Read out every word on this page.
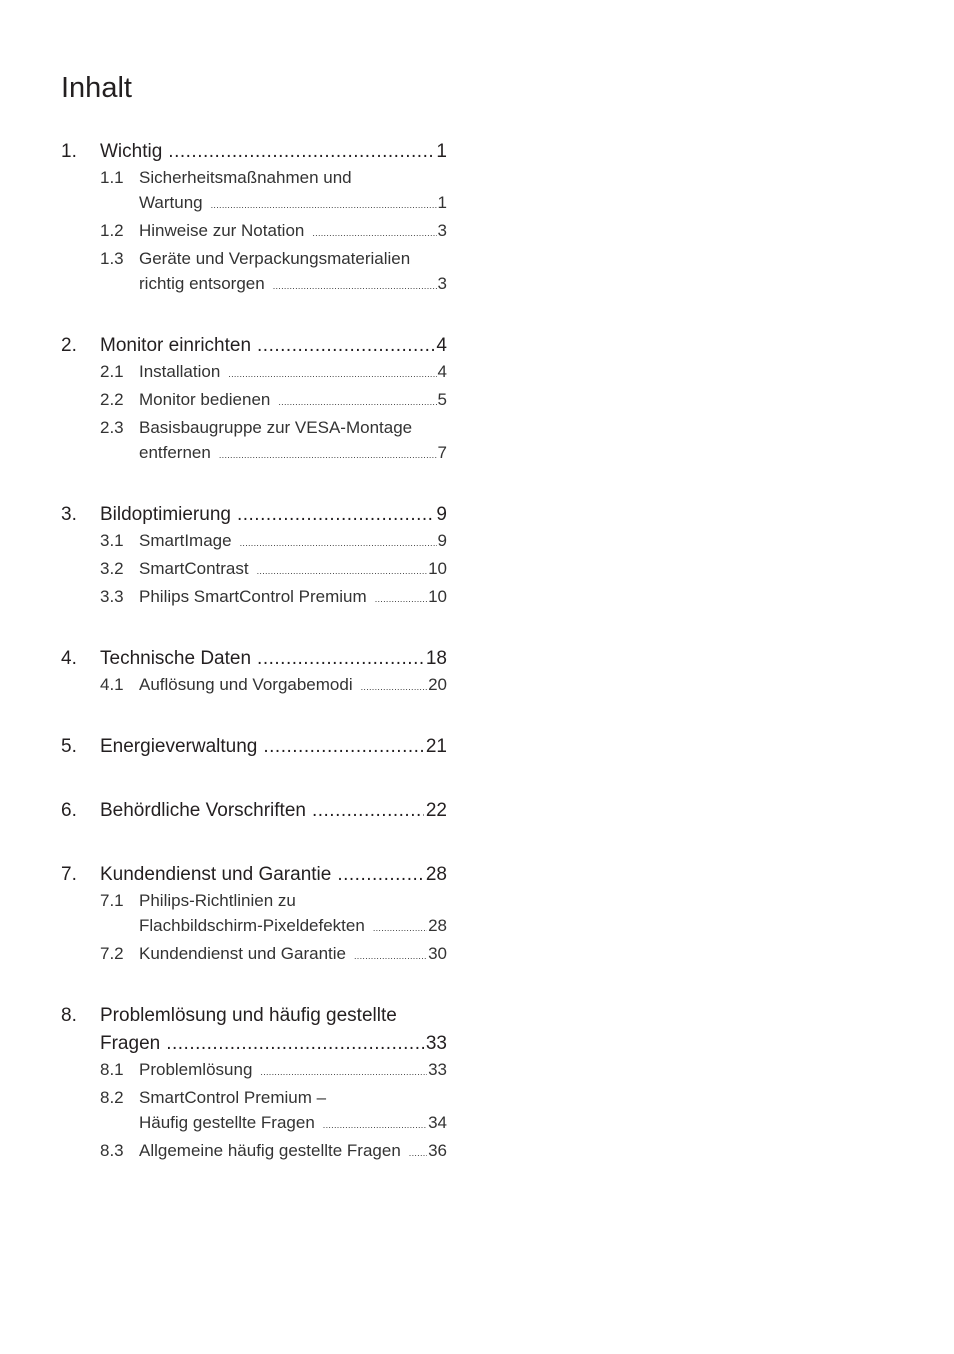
Inhalt
1.	Wichtig .....	1
1.1 Sicherheitsmaßnahmen und
Wartung .....	1
1.2 Hinweise zur Notation .....	3
1.3 Geräte und Verpackungsmaterialien
richtig entsorgen .....	3
2.	Monitor einrichten .....	4
2.1 Installation .....	4
2.2 Monitor bedienen .....	5
2.3 Basisbaugruppe zur VESA-Montage
entfernen .....	7
3.	Bildoptimierung .....	9
3.1 SmartImage .....	9
3.2 SmartContrast .....	10
3.3 Philips SmartControl Premium .....	10
4.	Technische Daten .....	18
4.1 Auflösung und Vorgabemodi .....	20
5.	Energieverwaltung .....	21
6.	Behördliche Vorschriften .....	22
7.	Kundendienst und Garantie .....	28
7.1 Philips-Richtlinien zu
Flachbildschirm-Pixeldefekten .....	28
7.2 Kundendienst und Garantie .....	30
8.	Problemlösung und häufig gestellte
Fragen .....	33
8.1 Problemlösung .....	33
8.2 SmartControl Premium –
Häufig gestellte Fragen .....	34
8.3 Allgemeine häufig gestellte Fragen ..... 36
